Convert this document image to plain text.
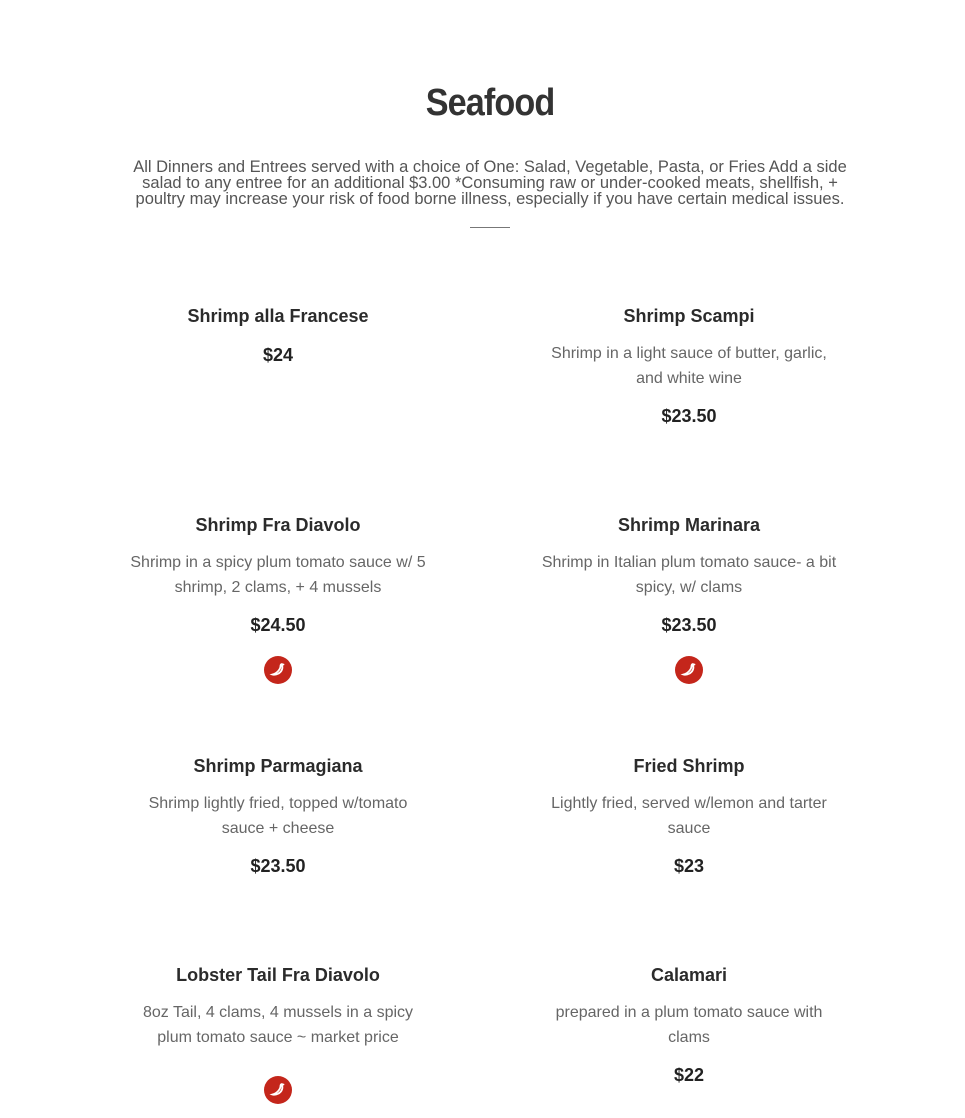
Seafood

All Dinners and Entrees served with a choice of One: Salad, Vegetable, Pasta, or Fries Add a side salad to any entree for an additional $3.00 *Consuming raw or under-cooked meats, shellfish, + poultry may increase your risk of food borne illness, especially if you have certain medical issues.

Shrimp alla Francese
$24
Shrimp Scampi
Shrimp in a light sauce of butter, garlic, and white wine
$23.50
Shrimp Fra Diavolo
Shrimp in a spicy plum tomato sauce w/ 5 shrimp, 2 clams, + 4 mussels
$24.50
Shrimp Marinara
Shrimp in Italian plum tomato sauce- a bit spicy, w/ clams
$23.50
Shrimp Parmagiana
Shrimp lightly fried, topped w/tomato sauce + cheese
$23.50
Fried Shrimp
Lightly fried, served w/lemon and tarter sauce
$23
Lobster Tail Fra Diavolo
8oz Tail, 4 clams, 4 mussels in a spicy plum tomato sauce ~ market price
Calamari
prepared in a plum tomato sauce with clams
$22
